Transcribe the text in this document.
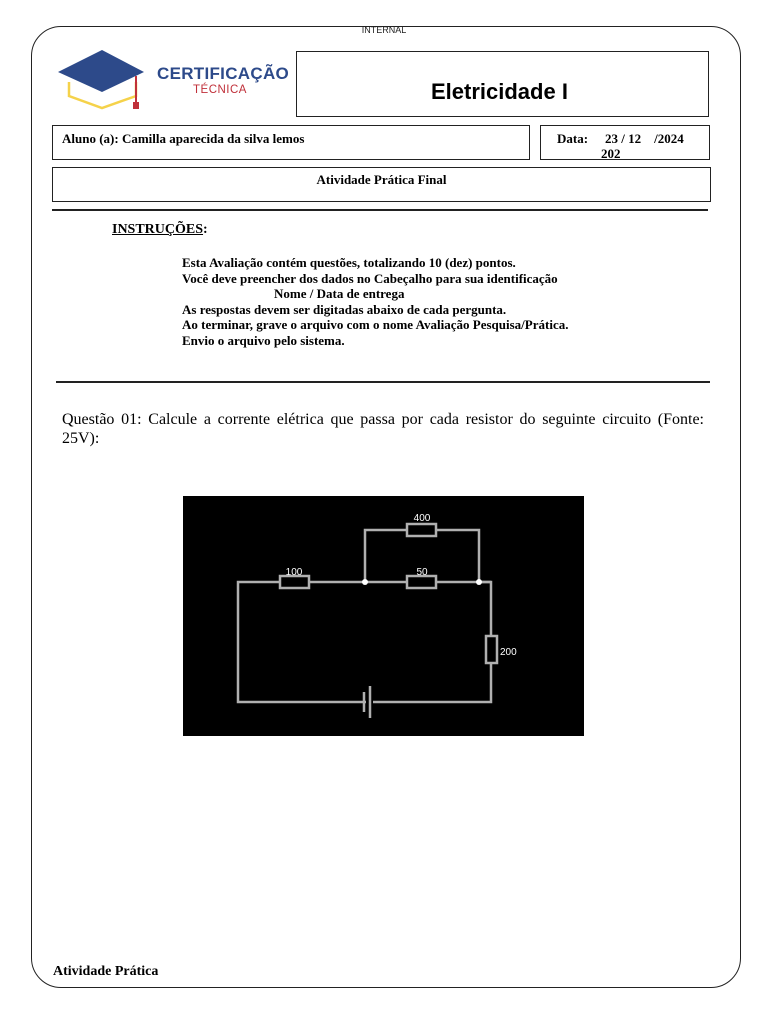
INTERNAL
CERTIFICAÇÃO
TÉCNICA	Eletricidade I
Aluno (a): Camilla aparecida da silva lemos	Data: 23 / 12    /2024
202
Atividade Prática Final
INSTRUÇÕES:
Esta Avaliação contém questões, totalizando 10 (dez) pontos.
Você deve preencher dos dados no Cabeçalho para sua identificação
Nome / Data de entrega
As respostas devem ser digitadas abaixo de cada pergunta.
Ao terminar, grave o arquivo com o nome Avaliação Pesquisa/Prática.
Envio o arquivo pelo sistema.
Questão 01: Calcule a corrente elétrica que passa por cada resistor do seguinte circuito (Fonte: 25V):
100	50
400
200
Atividade Prática
